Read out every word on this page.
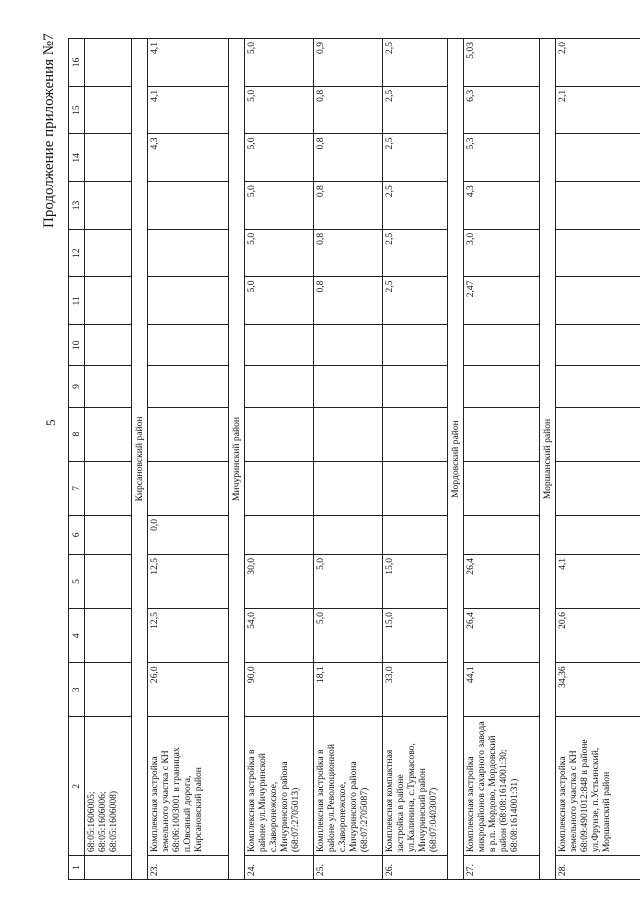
5
Продолжение приложения №7
1	2	3	4	5	6	7	8	9	10	11	12	13	14	15	16
	68:05:1606005;
68:05:1606006;
68:05:1606008)														
Кирсановский район															
23.	Комплексная застройка земельного участка с КН 68:06:1003001 в границах п.Овсяный дорога, Кирсановский район	26,0	12,5	12,5	0,0								4,3	4,1	4,1
Мичуринский район															
24.	Комплексная застройка в районе ул.Мичуринской с.Заворонежское, Мичуринского района (68:07:2705013)	90,0	54,0	30,0						5,0	5,0	5,0	5,0	5,0	5,0
25.	Комплексная застройка в районе ул.Революционной с.Заворонежское, Мичуринского района (68:07:2705087)	18,1	5,0	5,0						0,8	0,8	0,8	0,8	0,8	0,9
26.	Комплексная компактная застройка в районе ул.Калинина, с.Турмасово, Мичуринский район (68:07:0403007)	33,0	15,0	15,0						2,5	2,5	2,5	2,5	2,5	2,5
Мордовский район															
27.	Комплексная застройка микрорайонов сахарного завода в р.п. Мордово, Мордовский район (68:08:1614001:30; 68:08:1614001:31)	44,1	26,4	26,4						2,47	3,0	4,3	5,3	6,3	5,03
Моршанский район															
28.	Комплексная застройка земельного участка с КН 68:09:4901012:848 в районе ул.Фрунзе, п.Устьинский, Моршанский район	34,36	20,6	4,1										2,1	2,0
